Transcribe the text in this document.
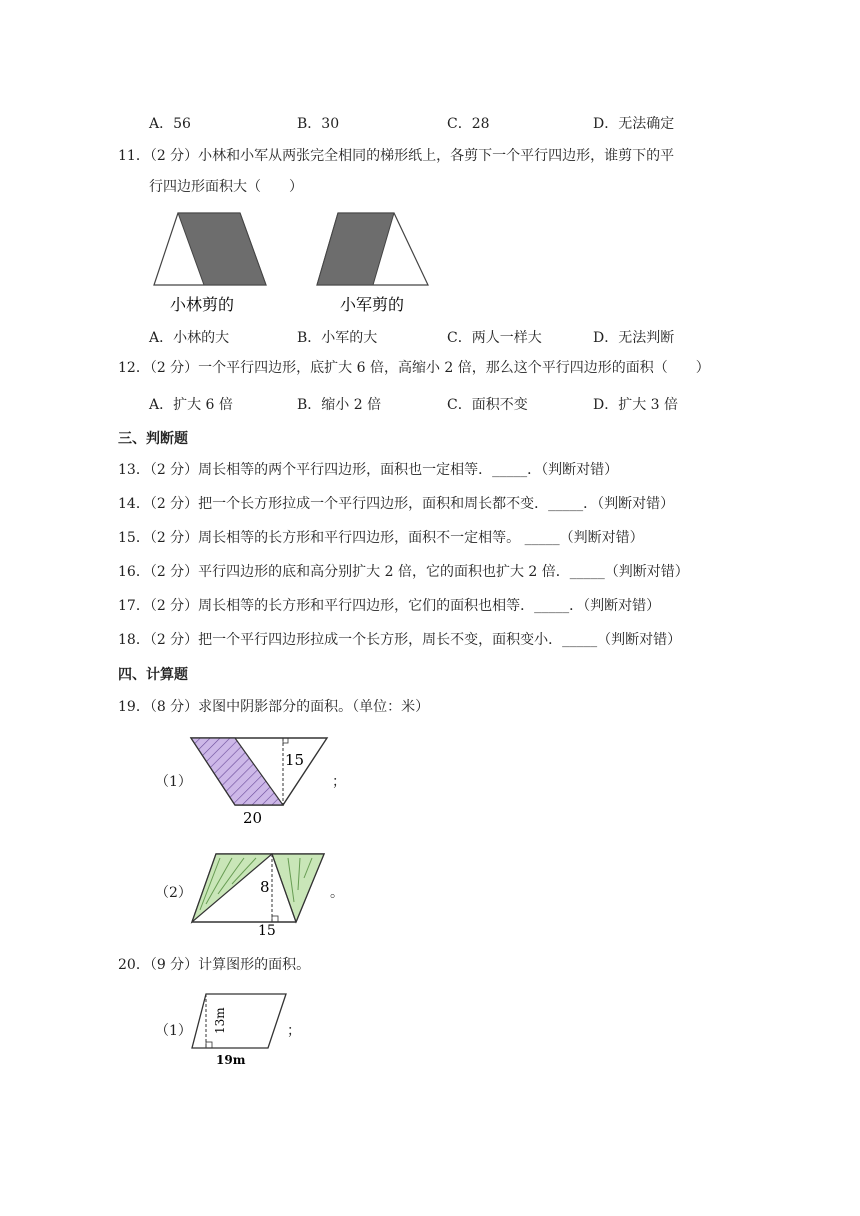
A．56	B．30	C．28	D．无法确定
11．（2 分）小林和小军从两张完全相同的梯形纸上，各剪下一个平行四边形，谁剪下的平
行四边形面积大（　　）
小林剪的	小军剪的
A．小林的大	B．小军的大	C．两人一样大	D．无法判断
12．（2 分）一个平行四边形，底扩大 6 倍，高缩小 2 倍，那么这个平行四边形的面积（　　）
A．扩大 6 倍	B．缩小 2 倍	C．面积不变	D．扩大 3 倍
三、判断题
13．（2 分）周长相等的两个平行四边形，面积也一定相等．_____．（判断对错）
14．（2 分）把一个长方形拉成一个平行四边形，面积和周长都不变．_____．（判断对错）
15．（2 分）周长相等的长方形和平行四边形，面积不一定相等。 _____（判断对错）
16．（2 分）平行四边形的底和高分别扩大 2 倍，它的面积也扩大 2 倍．_____（判断对错）
17．（2 分）周长相等的长方形和平行四边形，它们的面积也相等．_____．（判断对错）
18．（2 分）把一个平行四边形拉成一个长方形，周长不变，面积变小．_____（判断对错）
四、计算题
19．（8 分）求图中阴影部分的面积。（单位：米）
（1）
15
20
；
（2）	8
15
。
20．（9 分）计算图形的面积。
（1） 13m
19m
；
